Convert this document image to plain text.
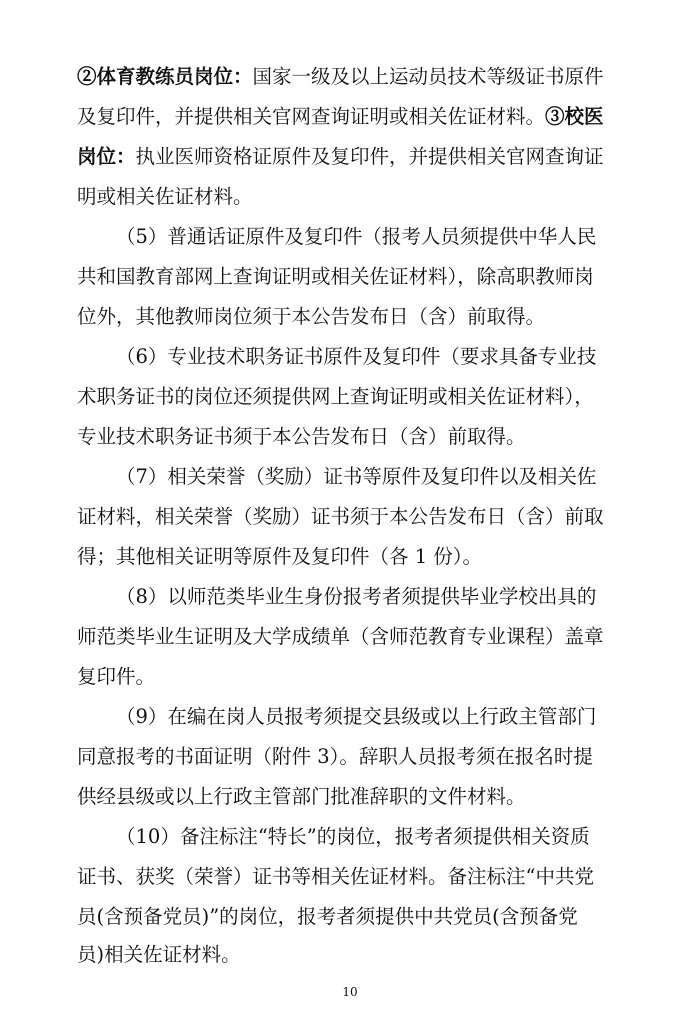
②体育教练员岗位：国家一级及以上运动员技术等级证书原件
及复印件，并提供相关官网查询证明或相关佐证材料。③校医
岗位：执业医师资格证原件及复印件，并提供相关官网查询证
明或相关佐证材料。
（5）普通话证原件及复印件（报考人员须提供中华人民
共和国教育部网上查询证明或相关佐证材料），除高职教师岗
位外，其他教师岗位须于本公告发布日（含）前取得。
（6）专业技术职务证书原件及复印件（要求具备专业技
术职务证书的岗位还须提供网上查询证明或相关佐证材料），
专业技术职务证书须于本公告发布日（含）前取得。
（7）相关荣誉（奖励）证书等原件及复印件以及相关佐
证材料，相关荣誉（奖励）证书须于本公告发布日（含）前取
得；其他相关证明等原件及复印件（各 1 份）。
（8）以师范类毕业生身份报考者须提供毕业学校出具的
师范类毕业生证明及大学成绩单（含师范教育专业课程）盖章
复印件。
（9）在编在岗人员报考须提交县级或以上行政主管部门
同意报考的书面证明（附件 3）。辞职人员报考须在报名时提
供经县级或以上行政主管部门批准辞职的文件材料。
（10）备注标注“特长”的岗位，报考者须提供相关资质
证书、获奖（荣誉）证书等相关佐证材料。备注标注“中共党
员(含预备党员)”的岗位，报考者须提供中共党员(含预备党
员)相关佐证材料。
10
